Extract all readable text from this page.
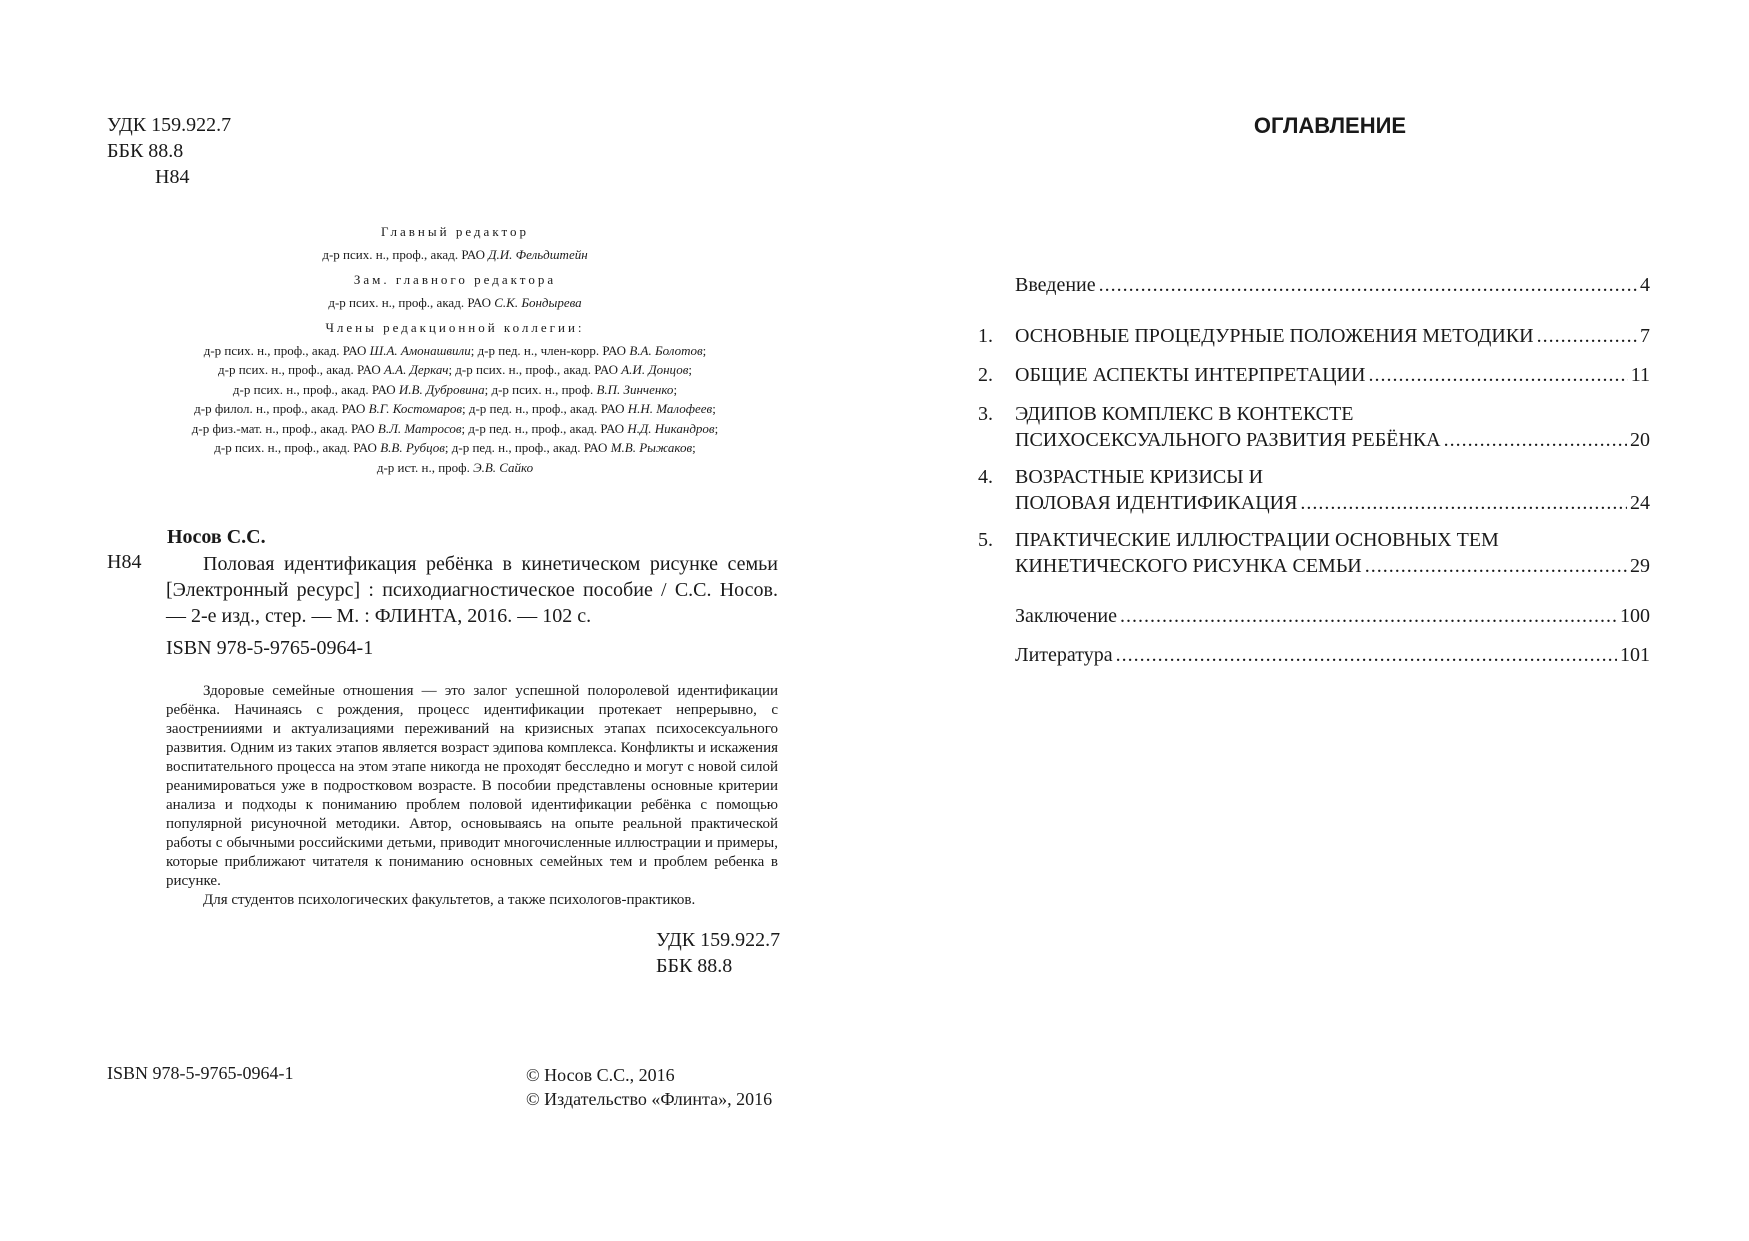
УДК 159.922.7
ББК 88.8
Н84
Главный редактор
д-р псих. н., проф., акад. РАО Д.И. Фельдштейн
Зам. главного редактора
д-р псих. н., проф., акад. РАО С.К. Бондырева
Члены редакционной коллегии:
д-р псих. н., проф., акад. РАО Ш.А. Амонашвили; д-р пед. н., член-корр. РАО В.А. Болотов;
д-р псих. н., проф., акад. РАО А.А. Деркач; д-р псих. н., проф., акад. РАО А.И. Донцов;
д-р псих. н., проф., акад. РАО И.В. Дубровина; д-р псих. н., проф. В.П. Зинченко;
д-р филол. н., проф., акад. РАО В.Г. Костомаров; д-р пед. н., проф., акад. РАО Н.Н. Малофеев;
д-р физ.-мат. н., проф., акад. РАО В.Л. Матросов; д-р пед. н., проф., акад. РАО Н.Д. Никандров;
д-р псих. н., проф., акад. РАО В.В. Рубцов; д-р пед. н., проф., акад. РАО М.В. Рыжаков;
д-р ист. н., проф. Э.В. Сайко
Носов С.С.
Н84	Половая идентификация ребёнка в кинетическом рисунке семьи [Электронный ресурс] : психодиагностическое пособие / С.С. Носов. — 2-е изд., стер. — М. : ФЛИНТА, 2016. — 102 с.
ISBN 978-5-9765-0964-1

Здоровые семейные отношения — это залог успешной полоролевой идентификации ребёнка. Начинаясь с рождения, процесс идентификации протекает непрерывно, с заостренииями и актуализациями переживаний на кризисных этапах психосексуального развития. Одним из таких этапов является возраст эдипова комплекса. Конфликты и искажения воспитательного процесса на этом этапе никогда не проходят бесследно и могут с новой силой реанимироваться уже в подростковом возрасте. В пособии представлены основные критерии анализа и подходы к пониманию проблем половой идентификации ребёнка с помощью популярной рисуночной методики. Автор, основываясь на опыте реальной практической работы с обычными российскими детьми, приводит многочисленные иллюстрации и примеры, которые приближают читателя к пониманию основных семейных тем и проблем ребенка в рисунке.

Для студентов психологических факультетов, а также психологов-практиков.

УДК 159.922.7
ББК 88.8
ISBN 978-5-9765-0964-1	© Носов С.С., 2016
© Издательство «Флинта», 2016
ОГЛАВЛЕНИЕ
Введение . . .	4
1. ОСНОВНЫЕ ПРОЦЕДУРНЫЕ ПОЛОЖЕНИЯ МЕТОДИКИ . . .	7
2. ОБЩИЕ АСПЕКТЫ ИНТЕРПРЕТАЦИИ . . .	11
3. ЭДИПОВ КОМПЛЕКС В КОНТЕКСТЕ
ПСИХОСЕКСУАЛЬНОГО РАЗВИТИЯ РЕБЁНКА . . .	20
4. ВОЗРАСТНЫЕ КРИЗИСЫ И
ПОЛОВАЯ ИДЕНТИФИКАЦИЯ . . .	24
5. ПРАКТИЧЕСКИЕ ИЛЛЮСТРАЦИИ ОСНОВНЫХ ТЕМ
КИНЕТИЧЕСКОГО РИСУНКА СЕМЬИ . . .	29
Заключение . . .	100
Литература . . .	101
